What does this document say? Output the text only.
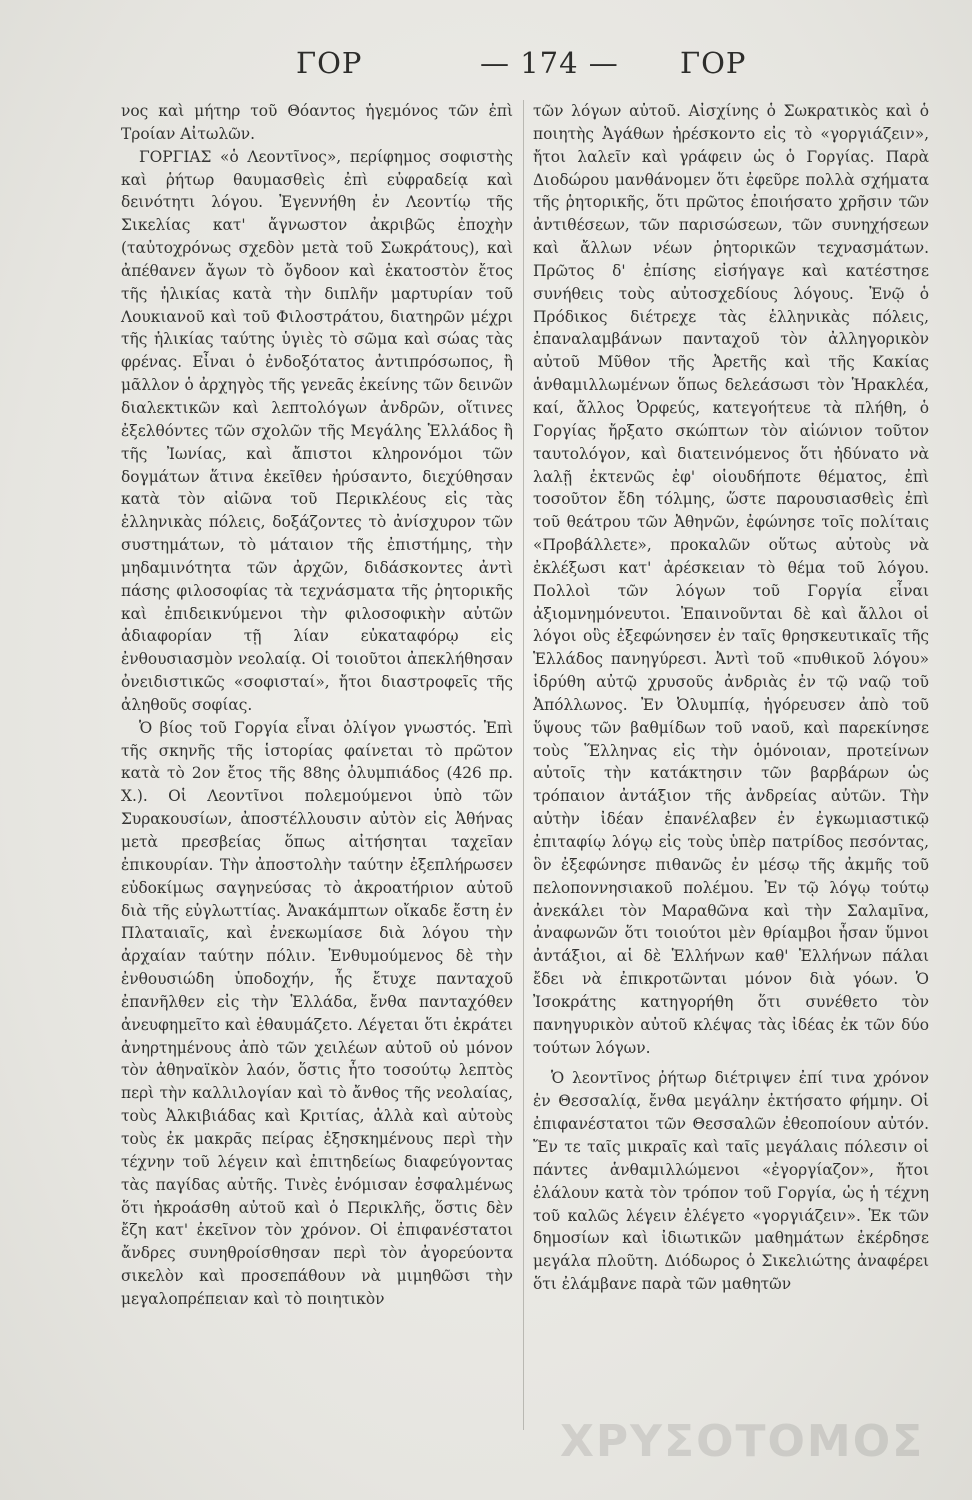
ΓΟΡ	— 174 — ΓΟΡ

νος καὶ μήτηρ τοῦ Θόαντος ἡγεμόνος τῶν ἐπὶ Τροίαν Αἰτωλῶν.

ΓΟΡΓΙΑΣ «ὁ Λεοντῖνος», περίφημος σοφιστὴς καὶ ῥήτωρ θαυμασθεὶς ἐπὶ εὐφραδείᾳ καὶ δεινότητι λόγου. Ἐγεννήθη ἐν Λεοντίῳ τῆς Σικελίας κατ' ἄγνωστον ἀκριβῶς ἐποχὴν (ταὐτοχρόνως σχεδὸν μετὰ τοῦ Σωκράτους), καὶ ἀπέθανεν ἄγων τὸ ὄγδοον καὶ ἑκατοστὸν ἔτος τῆς ἡλικίας κατὰ τὴν διπλῆν μαρτυρίαν τοῦ Λουκιανοῦ καὶ τοῦ Φιλοστράτου, διατηρῶν μέχρι τῆς ἡλικίας ταύτης ὑγιὲς τὸ σῶμα καὶ σώας τὰς φρένας. Εἶναι ὁ ἐνδοξότατος ἀντιπρόσωπος, ἢ μᾶλλον ὁ ἀρχηγὸς τῆς γενεᾶς ἐκείνης τῶν δεινῶν διαλεκτικῶν καὶ λεπτολόγων ἀνδρῶν, οἵτινες ἐξελθόντες τῶν σχολῶν τῆς Μεγάλης Ἑλλάδος ἢ τῆς Ἰωνίας, καὶ ἄπιστοι κληρονόμοι τῶν δογμάτων ἅτινα ἐκεῖθεν ἠρύσαντο, διεχύθησαν κατὰ τὸν αἰῶνα τοῦ Περικλέους εἰς τὰς ἑλληνικὰς πόλεις, δοξάζοντες τὸ ἀνίσχυρον τῶν συστημάτων, τὸ μάταιον τῆς ἐπιστήμης, τὴν μηδαμινότητα τῶν ἀρχῶν, διδάσκοντες ἀντὶ πάσης φιλοσοφίας τὰ τεχνάσματα τῆς ῥητορικῆς καὶ ἐπιδεικνύμενοι τὴν φιλοσοφικὴν αὐτῶν ἀδιαφορίαν τῇ λίαν εὐκαταφόρῳ εἰς ἐνθουσιασμὸν νεολαίᾳ. Οἱ τοιοῦτοι ἀπεκλήθησαν ὀνειδιστικῶς «σοφισταί», ἤτοι διαστροφεῖς τῆς ἀληθοῦς σοφίας.

Ὁ βίος τοῦ Γοργία εἶναι ὀλίγον γνωστός. Ἐπὶ τῆς σκηνῆς τῆς ἱστορίας φαίνεται τὸ πρῶτον κατὰ τὸ 2ον ἔτος τῆς 88ης ὀλυμπιάδος (426 πρ. Χ.). Οἱ Λεοντῖνοι πολεμούμενοι ὑπὸ τῶν Συρακουσίων, ἀποστέλλουσιν αὐτὸν εἰς Ἀθήνας μετὰ πρεσβείας ὅπως αἰτήσηται ταχεῖαν ἐπικουρίαν. Τὴν ἀποστολὴν ταύτην ἐξεπλήρωσεν εὐδοκίμως σαγηνεύσας τὸ ἀκροατήριον αὐτοῦ διὰ τῆς εὐγλωττίας. Ἀνακάμπτων οἴκαδε ἔστη ἐν Πλαταιαῖς, καὶ ἐνεκωμίασε διὰ λόγου τὴν ἀρχαίαν ταύτην πόλιν. Ἐνθυμούμενος δὲ τὴν ἐνθουσιώδη ὑποδοχήν, ἧς ἔτυχε πανταχοῦ ἐπανῆλθεν εἰς τὴν Ἑλλάδα, ἔνθα πανταχόθεν ἀνευφημεῖτο καὶ ἐθαυμάζετο. Λέγεται ὅτι ἐκράτει ἀνηρτημένους ἀπὸ τῶν χειλέων αὐτοῦ οὐ μόνον τὸν ἀθηναϊκὸν λαόν, ὅστις ἦτο τοσούτῳ λεπτὸς περὶ τὴν καλλιλογίαν καὶ τὸ ἄνθος τῆς νεολαίας, τοὺς Ἀλκιβιάδας καὶ Κριτίας, ἀλλὰ καὶ αὐτοὺς τοὺς ἐκ μακρᾶς πείρας ἐξησκημένους περὶ τὴν τέχνην τοῦ λέγειν καὶ ἐπιτηδείως διαφεύγοντας τὰς παγίδας αὐτῆς. Τινὲς ἐνόμισαν ἐσφαλμένως ὅτι ἠκροάσθη αὐτοῦ καὶ ὁ Περικλῆς, ὅστις δὲν ἔζη κατ' ἐκεῖνον τὸν χρόνον. Οἱ ἐπιφανέστατοι ἄνδρες συνηθροίσθησαν περὶ τὸν ἀγορεύοντα σικελὸν καὶ προσεπάθουν νὰ μιμηθῶσι τὴν μεγαλοπρέπειαν καὶ τὸ ποιητικὸν

τῶν λόγων αὐτοῦ. Αἰσχίνης ὁ Σωκρατικὸς καὶ ὁ ποιητὴς Ἀγάθων ἠρέσκοντο εἰς τὸ «γοργιάζειν», ἤτοι λαλεῖν καὶ γράφειν ὡς ὁ Γοργίας. Παρὰ Διοδώρου μανθάνομεν ὅτι ἐφεῦρε πολλὰ σχήματα τῆς ῥητορικῆς, ὅτι πρῶτος ἐποιήσατο χρῆσιν τῶν ἀντιθέσεων, τῶν παρισώσεων, τῶν συνηχήσεων καὶ ἄλλων νέων ῥητορικῶν τεχνασμάτων. Πρῶτος δ' ἐπίσης εἰσήγαγε καὶ κατέστησε συνήθεις τοὺς αὐτοσχεδίους λόγους. Ἐνῷ ὁ Πρόδικος διέτρεχε τὰς ἑλληνικὰς πόλεις, ἐπαναλαμβάνων πανταχοῦ τὸν ἀλληγορικὸν αὐτοῦ Μῦθον τῆς Ἀρετῆς καὶ τῆς Κακίας ἁνθαμιλλωμένων ὅπως δελεάσωσι τὸν Ἡρακλέα, καί, ἄλλος Ὀρφεύς, κατεγοήτευε τὰ πλήθη, ὁ Γοργίας ἤρξατο σκώπτων τὸν αἰώνιον τοῦτον ταυτολόγον, καὶ διατεινόμενος ὅτι ἠδύνατο νὰ λαλῇ ἐκτενῶς ἐφ' οἱουδήποτε θέματος, ἐπὶ τοσοῦτον ἔδη τόλμης, ὥστε παρουσιασθεὶς ἐπὶ τοῦ θεάτρου τῶν Ἀθηνῶν, ἐφώνησε τοῖς πολίταις «Προβάλλετε», προκαλῶν οὕτως αὐτοὺς νὰ ἐκλέξωσι κατ' ἀρέσκειαν τὸ θέμα τοῦ λόγου. Πολλοὶ τῶν λόγων τοῦ Γοργία εἶναι ἀξιομνημόνευτοι. Ἐπαινοῦνται δὲ καὶ ἄλλοι οἱ λόγοι οὓς ἐξεφώνησεν ἐν ταῖς θρησκευτικαῖς τῆς Ἑλλάδος πανηγύρεσι. Ἀντὶ τοῦ «πυθικοῦ λόγου» ἱδρύθη αὐτῷ χρυσοῦς ἀνδριὰς ἐν τῷ ναῷ τοῦ Ἀπόλλωνος. Ἐν Ὀλυμπίᾳ, ἠγόρευσεν ἀπὸ τοῦ ὕψους τῶν βαθμίδων τοῦ ναοῦ, καὶ παρεκίνησε τοὺς Ἕλληνας εἰς τὴν ὁμόνοιαν, προτείνων αὐτοῖς τὴν κατάκτησιν τῶν βαρβάρων ὡς τρόπαιον ἀντάξιον τῆς ἀνδρείας αὐτῶν. Τὴν αὐτὴν ἰδέαν ἐπανέλαβεν ἐν ἐγκωμιαστικῷ ἐπιταφίῳ λόγῳ εἰς τοὺς ὑπὲρ πατρίδος πεσόντας, ὃν ἐξεφώνησε πιθανῶς ἐν μέσῳ τῆς ἀκμῆς τοῦ πελοποννησιακοῦ πολέμου. Ἐν τῷ λόγῳ τούτῳ ἀνεκάλει τὸν Μαραθῶνα καὶ τὴν Σαλαμῖνα, ἀναφωνῶν ὅτι τοιούτοι μὲν θρίαμβοι ἦσαν ὕμνοι ἀντάξιοι, αἱ δὲ Ἑλλήνων καθ' Ἑλλήνων πάλαι ἔδει νὰ ἐπικροτῶνται μόνον διὰ γόων. Ὁ Ἰσοκράτης κατηγορήθη ὅτι συνέθετο τὸν πανηγυρικὸν αὐτοῦ κλέψας τὰς ἰδέας ἐκ τῶν δύο τούτων λόγων.

Ὁ λεοντῖνος ῥήτωρ διέτριψεν ἐπί τινα χρόνον ἐν Θεσσαλίᾳ, ἔνθα μεγάλην ἐκτήσατο φήμην. Οἱ ἐπιφανέστατοι τῶν Θεσσαλῶν ἐθεοποίουν αὐτόν. Ἔν τε ταῖς μικραῖς καὶ ταῖς μεγάλαις πόλεσιν οἱ πάντες ἁνθαμιλλώμενοι «ἐγοργίαζον», ἤτοι ἐλάλουν κατὰ τὸν τρόπον τοῦ Γοργία, ὡς ἡ τέχνη τοῦ καλῶς λέγειν ἐλέγετο «γοργιάζειν». Ἐκ τῶν δημοσίων καὶ ἰδιωτικῶν μαθημάτων ἐκέρδησε μεγάλα πλοῦτη. Διόδωρος ὁ Σικελιώτης ἀναφέρει ὅτι ἐλάμβανε παρὰ τῶν μαθητῶν

ΧΡΥΣΟΤΟΜΟΣ
